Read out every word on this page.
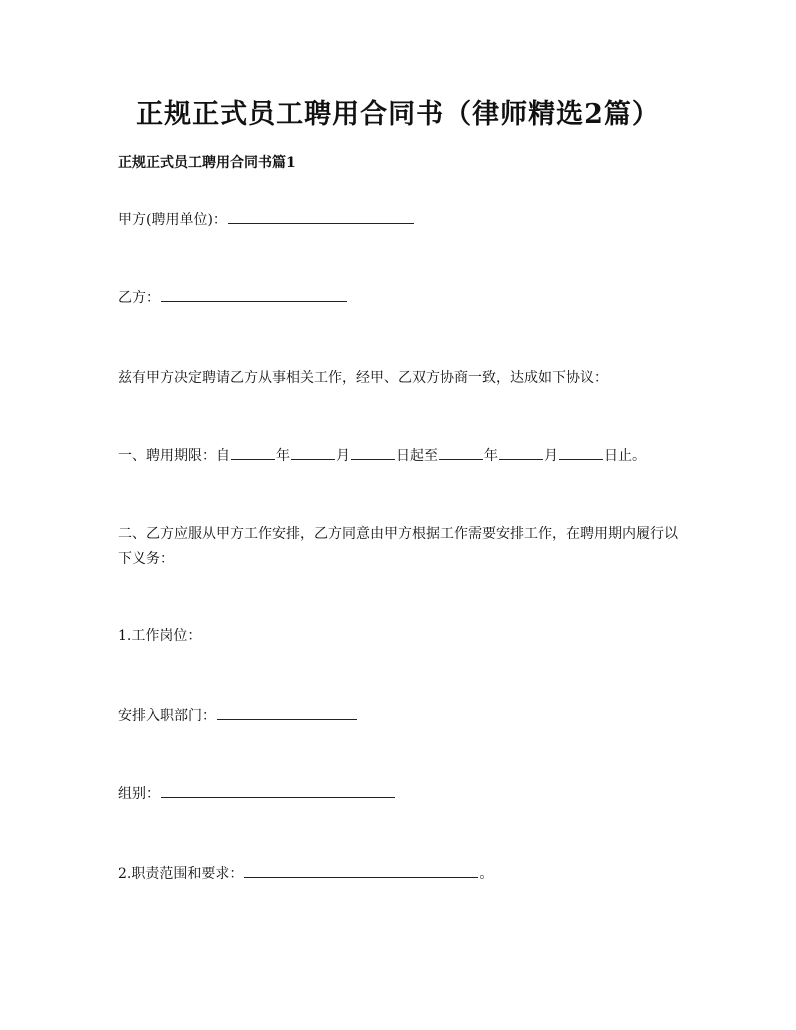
正规正式员工聘用合同书（律师精选2篇）
正规正式员工聘用合同书篇1
甲方(聘用单位)：
乙方：
兹有甲方决定聘请乙方从事相关工作，经甲、乙双方协商一致，达成如下协议：
一、聘用期限：自	年	月	日起至	年	月	日止。
二、乙方应服从甲方工作安排，乙方同意由甲方根据工作需要安排工作，在聘用期内履行以下义务：
1.工作岗位：
安排入职部门：
组别：
2.职责范围和要求：	。
